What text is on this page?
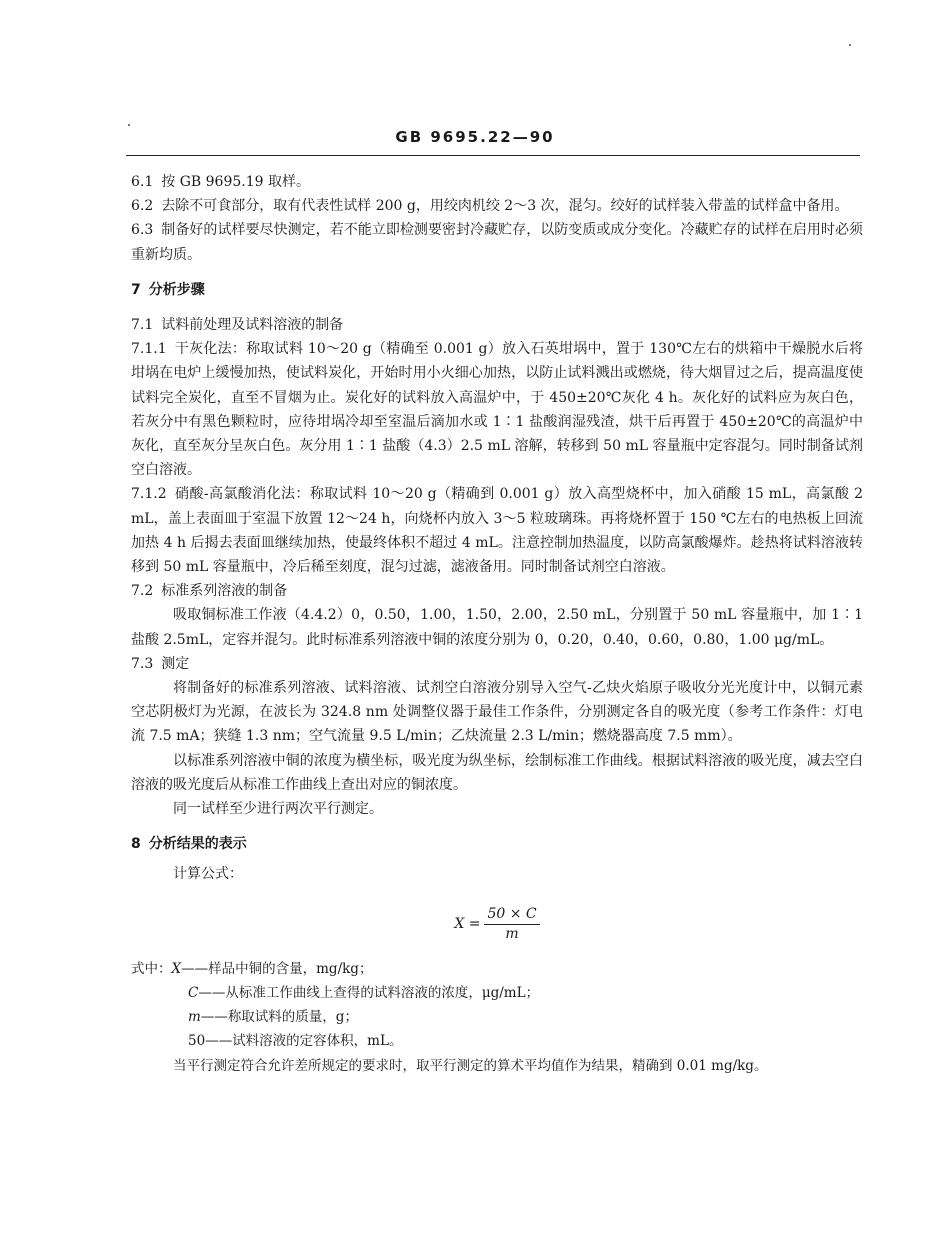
GB 9695.22—90

6.1 按 GB 9695.19 取样。

6.2 去除不可食部分，取有代表性试样 200 g，用绞肉机绞 2～3 次，混匀。绞好的试样装入带盖的试样盒中备用。

6.3 制备好的试样要尽快测定，若不能立即检测要密封冷藏贮存，以防变质或成分变化。冷藏贮存的试样在启用时必须重新均质。

7 分析步骤

7.1 试料前处理及试料溶液的制备

7.1.1 干灰化法：称取试料 10～20 g（精确至 0.001 g）放入石英坩埚中，置于 130℃左右的烘箱中干燥脱水后将坩埚在电炉上缓慢加热，使试料炭化，开始时用小火细心加热，以防止试料溅出或燃烧，待大烟冒过之后，提高温度使试料完全炭化，直至不冒烟为止。炭化好的试料放入高温炉中，于 450±20℃灰化 4 h。灰化好的试料应为灰白色，若灰分中有黑色颗粒时，应待坩埚冷却至室温后滴加水或 1∶1 盐酸润湿残渣，烘干后再置于 450±20℃的高温炉中灰化，直至灰分呈灰白色。灰分用 1∶1 盐酸（4.3）2.5 mL 溶解，转移到 50 mL 容量瓶中定容混匀。同时制备试剂空白溶液。

7.1.2 硝酸-高氯酸消化法：称取试料 10～20 g（精确到 0.001 g）放入高型烧杯中，加入硝酸 15 mL，高氯酸 2 mL，盖上表面皿于室温下放置 12～24 h，向烧杯内放入 3～5 粒玻璃珠。再将烧杯置于 150 ℃左右的电热板上回流加热 4 h 后揭去表面皿继续加热，使最终体积不超过 4 mL。注意控制加热温度，以防高氯酸爆炸。趁热将试料溶液转移到 50 mL 容量瓶中，冷后稀至刻度，混匀过滤，滤液备用。同时制备试剂空白溶液。

7.2 标准系列溶液的制备

吸取铜标准工作液（4.4.2）0，0.50，1.00，1.50，2.00，2.50 mL，分别置于 50 mL 容量瓶中，加 1∶1 盐酸 2.5mL，定容并混匀。此时标准系列溶液中铜的浓度分别为 0，0.20，0.40，0.60，0.80，1.00 μg/mL。

7.3 测定

将制备好的标准系列溶液、试料溶液、试剂空白溶液分别导入空气-乙炔火焰原子吸收分光光度计中，以铜元素空芯阴极灯为光源，在波长为 324.8 nm 处调整仪器于最佳工作条件，分别测定各自的吸光度（参考工作条件：灯电流 7.5 mA；狭缝 1.3 nm；空气流量 9.5 L/min；乙炔流量 2.3 L/min；燃烧器高度 7.5 mm）。

以标准系列溶液中铜的浓度为横坐标，吸光度为纵坐标，绘制标准工作曲线。根据试料溶液的吸光度，减去空白溶液的吸光度后从标准工作曲线上查出对应的铜浓度。

同一试样至少进行两次平行测定。

8 分析结果的表示

计算公式：

$X = \frac{50 \times C}{m}$

式中：X——样品中铜的含量，mg/kg；

C——从标准工作曲线上查得的试料溶液的浓度，μg/mL；

m——称取试料的质量，g；

50——试料溶液的定容体积，mL。

当平行测定符合允许差所规定的要求时，取平行测定的算术平均值作为结果，精确到 0.01 mg/kg。
